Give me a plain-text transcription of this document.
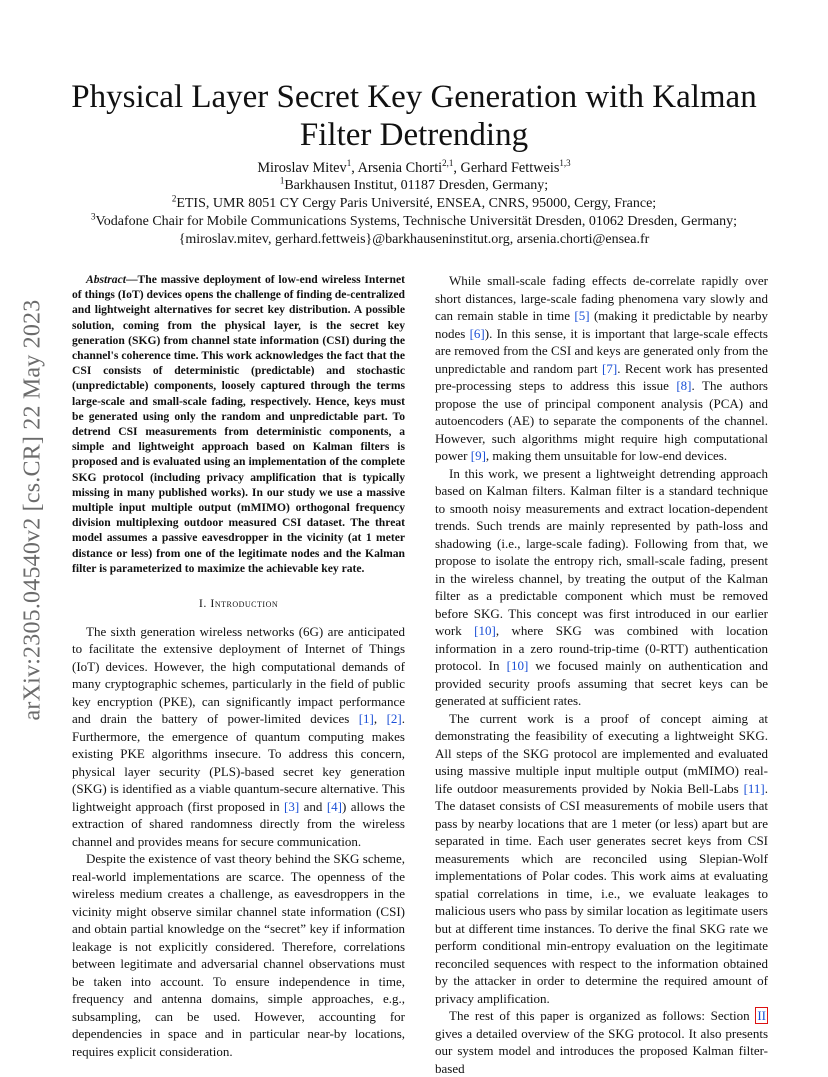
arXiv:2305.04540v2 [cs.CR] 22 May 2023
Physical Layer Secret Key Generation with Kalman
Filter Detrending
Miroslav Mitev$^1$, Arsenia Chorti$^{2,1}$, Gerhard Fettweis$^{1,3}$
$^1$Barkhausen Institut, 01187 Dresden, Germany;
$^2$ETIS, UMR 8051 CY Cergy Paris Université, ENSEA, CNRS, 95000, Cergy, France;
$^3$Vodafone Chair for Mobile Communications Systems, Technische Universität Dresden, 01062 Dresden, Germany;
{miroslav.mitev, gerhard.fettweis}@barkhauseninstitut.org, arsenia.chorti@ensea.fr

Abstract—The massive deployment of low-end wireless Internet of things (IoT) devices opens the challenge of finding de-centralized and lightweight alternatives for secret key distribution. A possible solution, coming from the physical layer, is the secret key generation (SKG) from channel state information (CSI) during the channel's coherence time. This work acknowledges the fact that the CSI consists of deterministic (predictable) and stochastic (unpredictable) components, loosely captured through the terms large-scale and small-scale fading, respectively. Hence, keys must be generated using only the random and unpredictable part. To detrend CSI measurements from deterministic components, a simple and lightweight approach based on Kalman filters is proposed and is evaluated using an implementation of the complete SKG protocol (including privacy amplification that is typically missing in many published works). In our study we use a massive multiple input multiple output (mMIMO) orthogonal frequency division multiplexing outdoor measured CSI dataset. The threat model assumes a passive eavesdropper in the vicinity (at 1 meter distance or less) from one of the legitimate nodes and the Kalman filter is parameterized to maximize the achievable key rate.

I. Introduction

The sixth generation wireless networks (6G) are anticipated to facilitate the extensive deployment of Internet of Things (IoT) devices. However, the high computational demands of many cryptographic schemes, particularly in the field of public key encryption (PKE), can significantly impact performance and drain the battery of power-limited devices [1], [2]. Furthermore, the emergence of quantum computing makes existing PKE algorithms insecure. To address this concern, physical layer security (PLS)-based secret key generation (SKG) is identified as a viable quantum-secure alternative. This lightweight approach (first proposed in [3] and [4]) allows the extraction of shared randomness directly from the wireless channel and provides means for secure communication.

Despite the existence of vast theory behind the SKG scheme, real-world implementations are scarce. The openness of the wireless medium creates a challenge, as eavesdroppers in the vicinity might observe similar channel state information (CSI) and obtain partial knowledge on the “secret” key if information leakage is not explicitly considered. Therefore, correlations between legitimate and adversarial channel observations must be taken into account. To ensure independence in time, frequency and antenna domains, simple approaches, e.g., subsampling, can be used. However, accounting for dependencies in space and in particular near-by locations, requires explicit consideration.

While small-scale fading effects de-correlate rapidly over short distances, large-scale fading phenomena vary slowly and can remain stable in time [5] (making it predictable by nearby nodes [6]). In this sense, it is important that large-scale effects are removed from the CSI and keys are generated only from the unpredictable and random part [7]. Recent work has presented pre-processing steps to address this issue [8]. The authors propose the use of principal component analysis (PCA) and autoencoders (AE) to separate the components of the channel. However, such algorithms might require high computational power [9], making them unsuitable for low-end devices.

In this work, we present a lightweight detrending approach based on Kalman filters. Kalman filter is a standard technique to smooth noisy measurements and extract location-dependent trends. Such trends are mainly represented by path-loss and shadowing (i.e., large-scale fading). Following from that, we propose to isolate the entropy rich, small-scale fading, present in the wireless channel, by treating the output of the Kalman filter as a predictable component which must be removed before SKG. This concept was first introduced in our earlier work [10], where SKG was combined with location information in a zero round-trip-time (0-RTT) authentication protocol. In [10] we focused mainly on authentication and provided security proofs assuming that secret keys can be generated at sufficient rates.

The current work is a proof of concept aiming at demonstrating the feasibility of executing a lightweight SKG. All steps of the SKG protocol are implemented and evaluated using massive multiple input multiple output (mMIMO) real-life outdoor measurements provided by Nokia Bell-Labs [11]. The dataset consists of CSI measurements of mobile users that pass by nearby locations that are 1 meter (or less) apart but are separated in time. Each user generates secret keys from CSI measurements which are reconciled using Slepian-Wolf implementations of Polar codes. This work aims at evaluating spatial correlations in time, i.e., we evaluate leakages to malicious users who pass by similar location as legitimate users but at different time instances. To derive the final SKG rate we perform conditional min-entropy evaluation on the legitimate reconciled sequences with respect to the information obtained by the attacker in order to determine the required amount of privacy amplification.

The rest of this paper is organized as follows: Section II gives a detailed overview of the SKG protocol. It also presents our system model and introduces the proposed Kalman filter-based
